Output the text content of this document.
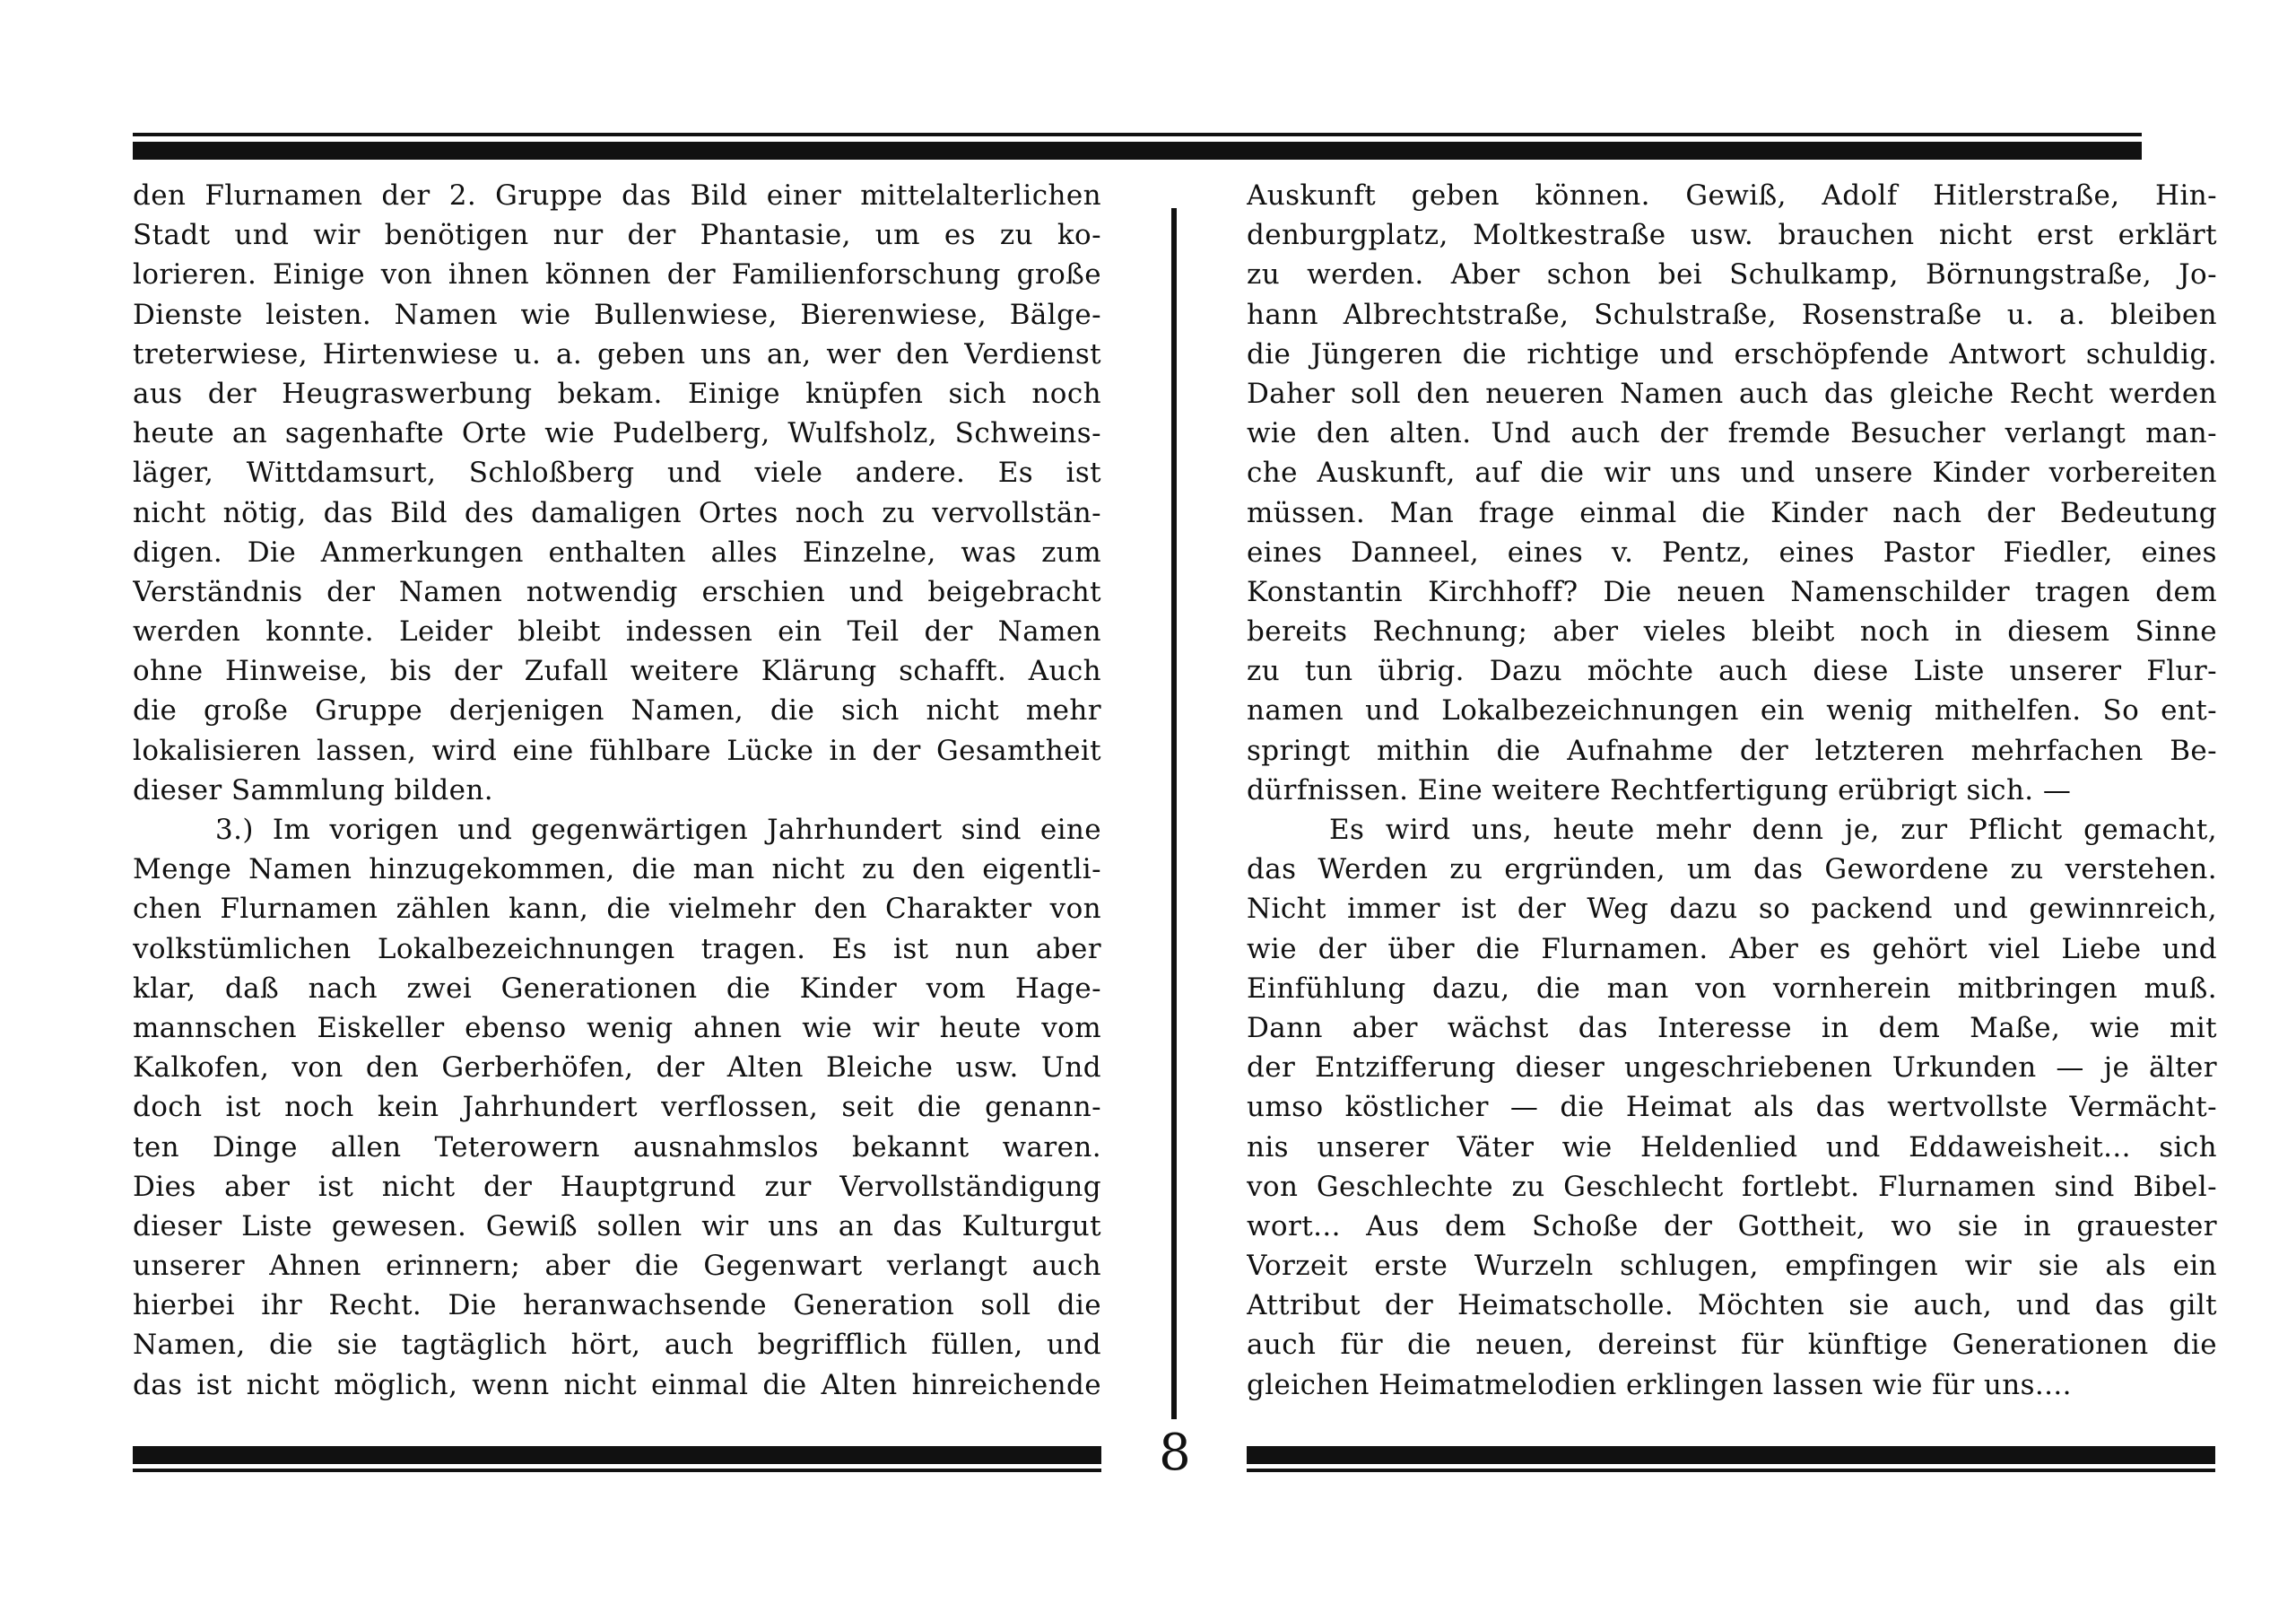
den Flurnamen der 2. Gruppe das Bild einer mittelalterlichen
Stadt und wir benötigen nur der Phantasie, um es zu ko-
lorieren. Einige von ihnen können der Familienforschung große
Dienste leisten. Namen wie Bullenwiese, Bierenwiese, Bälge-
treterwiese, Hirtenwiese u. a. geben uns an, wer den Verdienst
aus der Heugraswerbung bekam. Einige knüpfen sich noch
heute an sagenhafte Orte wie Pudelberg, Wulfsholz, Schweins-
läger, Wittdamsurt, Schloßberg und viele andere. Es ist
nicht nötig, das Bild des damaligen Ortes noch zu vervollstän-
digen. Die Anmerkungen enthalten alles Einzelne, was zum
Verständnis der Namen notwendig erschien und beigebracht
werden konnte. Leider bleibt indessen ein Teil der Namen
ohne Hinweise, bis der Zufall weitere Klärung schafft. Auch
die große Gruppe derjenigen Namen, die sich nicht mehr
lokalisieren lassen, wird eine fühlbare Lücke in der Gesamtheit
dieser Sammlung bilden.
3.) Im vorigen und gegenwärtigen Jahrhundert sind eine
Menge Namen hinzugekommen, die man nicht zu den eigentli-
chen Flurnamen zählen kann, die vielmehr den Charakter von
volkstümlichen Lokalbezeichnungen tragen. Es ist nun aber
klar, daß nach zwei Generationen die Kinder vom Hage-
mannschen Eiskeller ebenso wenig ahnen wie wir heute vom
Kalkofen, von den Gerberhöfen, der Alten Bleiche usw. Und
doch ist noch kein Jahrhundert verflossen, seit die genann-
ten Dinge allen Teterowern ausnahmslos bekannt waren.
Dies aber ist nicht der Hauptgrund zur Vervollständigung
dieser Liste gewesen. Gewiß sollen wir uns an das Kulturgut
unserer Ahnen erinnern; aber die Gegenwart verlangt auch
hierbei ihr Recht. Die heranwachsende Generation soll die
Namen, die sie tagtäglich hört, auch begrifflich füllen, und
das ist nicht möglich, wenn nicht einmal die Alten hinreichende
Auskunft geben können. Gewiß, Adolf Hitlerstraße, Hin-
denburgplatz, Moltkestraße usw. brauchen nicht erst erklärt
zu werden. Aber schon bei Schulkamp, Börnungstraße, Jo-
hann Albrechtstraße, Schulstraße, Rosenstraße u. a. bleiben
die Jüngeren die richtige und erschöpfende Antwort schuldig.
Daher soll den neueren Namen auch das gleiche Recht werden
wie den alten. Und auch der fremde Besucher verlangt man-
che Auskunft, auf die wir uns und unsere Kinder vorbereiten
müssen. Man frage einmal die Kinder nach der Bedeutung
eines Danneel, eines v. Pentz, eines Pastor Fiedler, eines
Konstantin Kirchhoff? Die neuen Namenschilder tragen dem
bereits Rechnung; aber vieles bleibt noch in diesem Sinne
zu tun übrig. Dazu möchte auch diese Liste unserer Flur-
namen und Lokalbezeichnungen ein wenig mithelfen. So ent-
springt mithin die Aufnahme der letzteren mehrfachen Be-
dürfnissen. Eine weitere Rechtfertigung erübrigt sich. —
Es wird uns, heute mehr denn je, zur Pflicht gemacht,
das Werden zu ergründen, um das Gewordene zu verstehen.
Nicht immer ist der Weg dazu so packend und gewinnreich,
wie der über die Flurnamen. Aber es gehört viel Liebe und
Einfühlung dazu, die man von vornherein mitbringen muß.
Dann aber wächst das Interesse in dem Maße, wie mit
der Entzifferung dieser ungeschriebenen Urkunden — je älter
umso köstlicher — die Heimat als das wertvollste Vermächt-
nis unserer Väter wie Heldenlied und Eddaweisheit... sich
von Geschlechte zu Geschlecht fortlebt. Flurnamen sind Bibel-
wort... Aus dem Schoße der Gottheit, wo sie in grauester
Vorzeit erste Wurzeln schlugen, empfingen wir sie als ein
Attribut der Heimatscholle. Möchten sie auch, und das gilt
auch für die neuen, dereinst für künftige Generationen die
gleichen Heimatmelodien erklingen lassen wie für uns....
8
